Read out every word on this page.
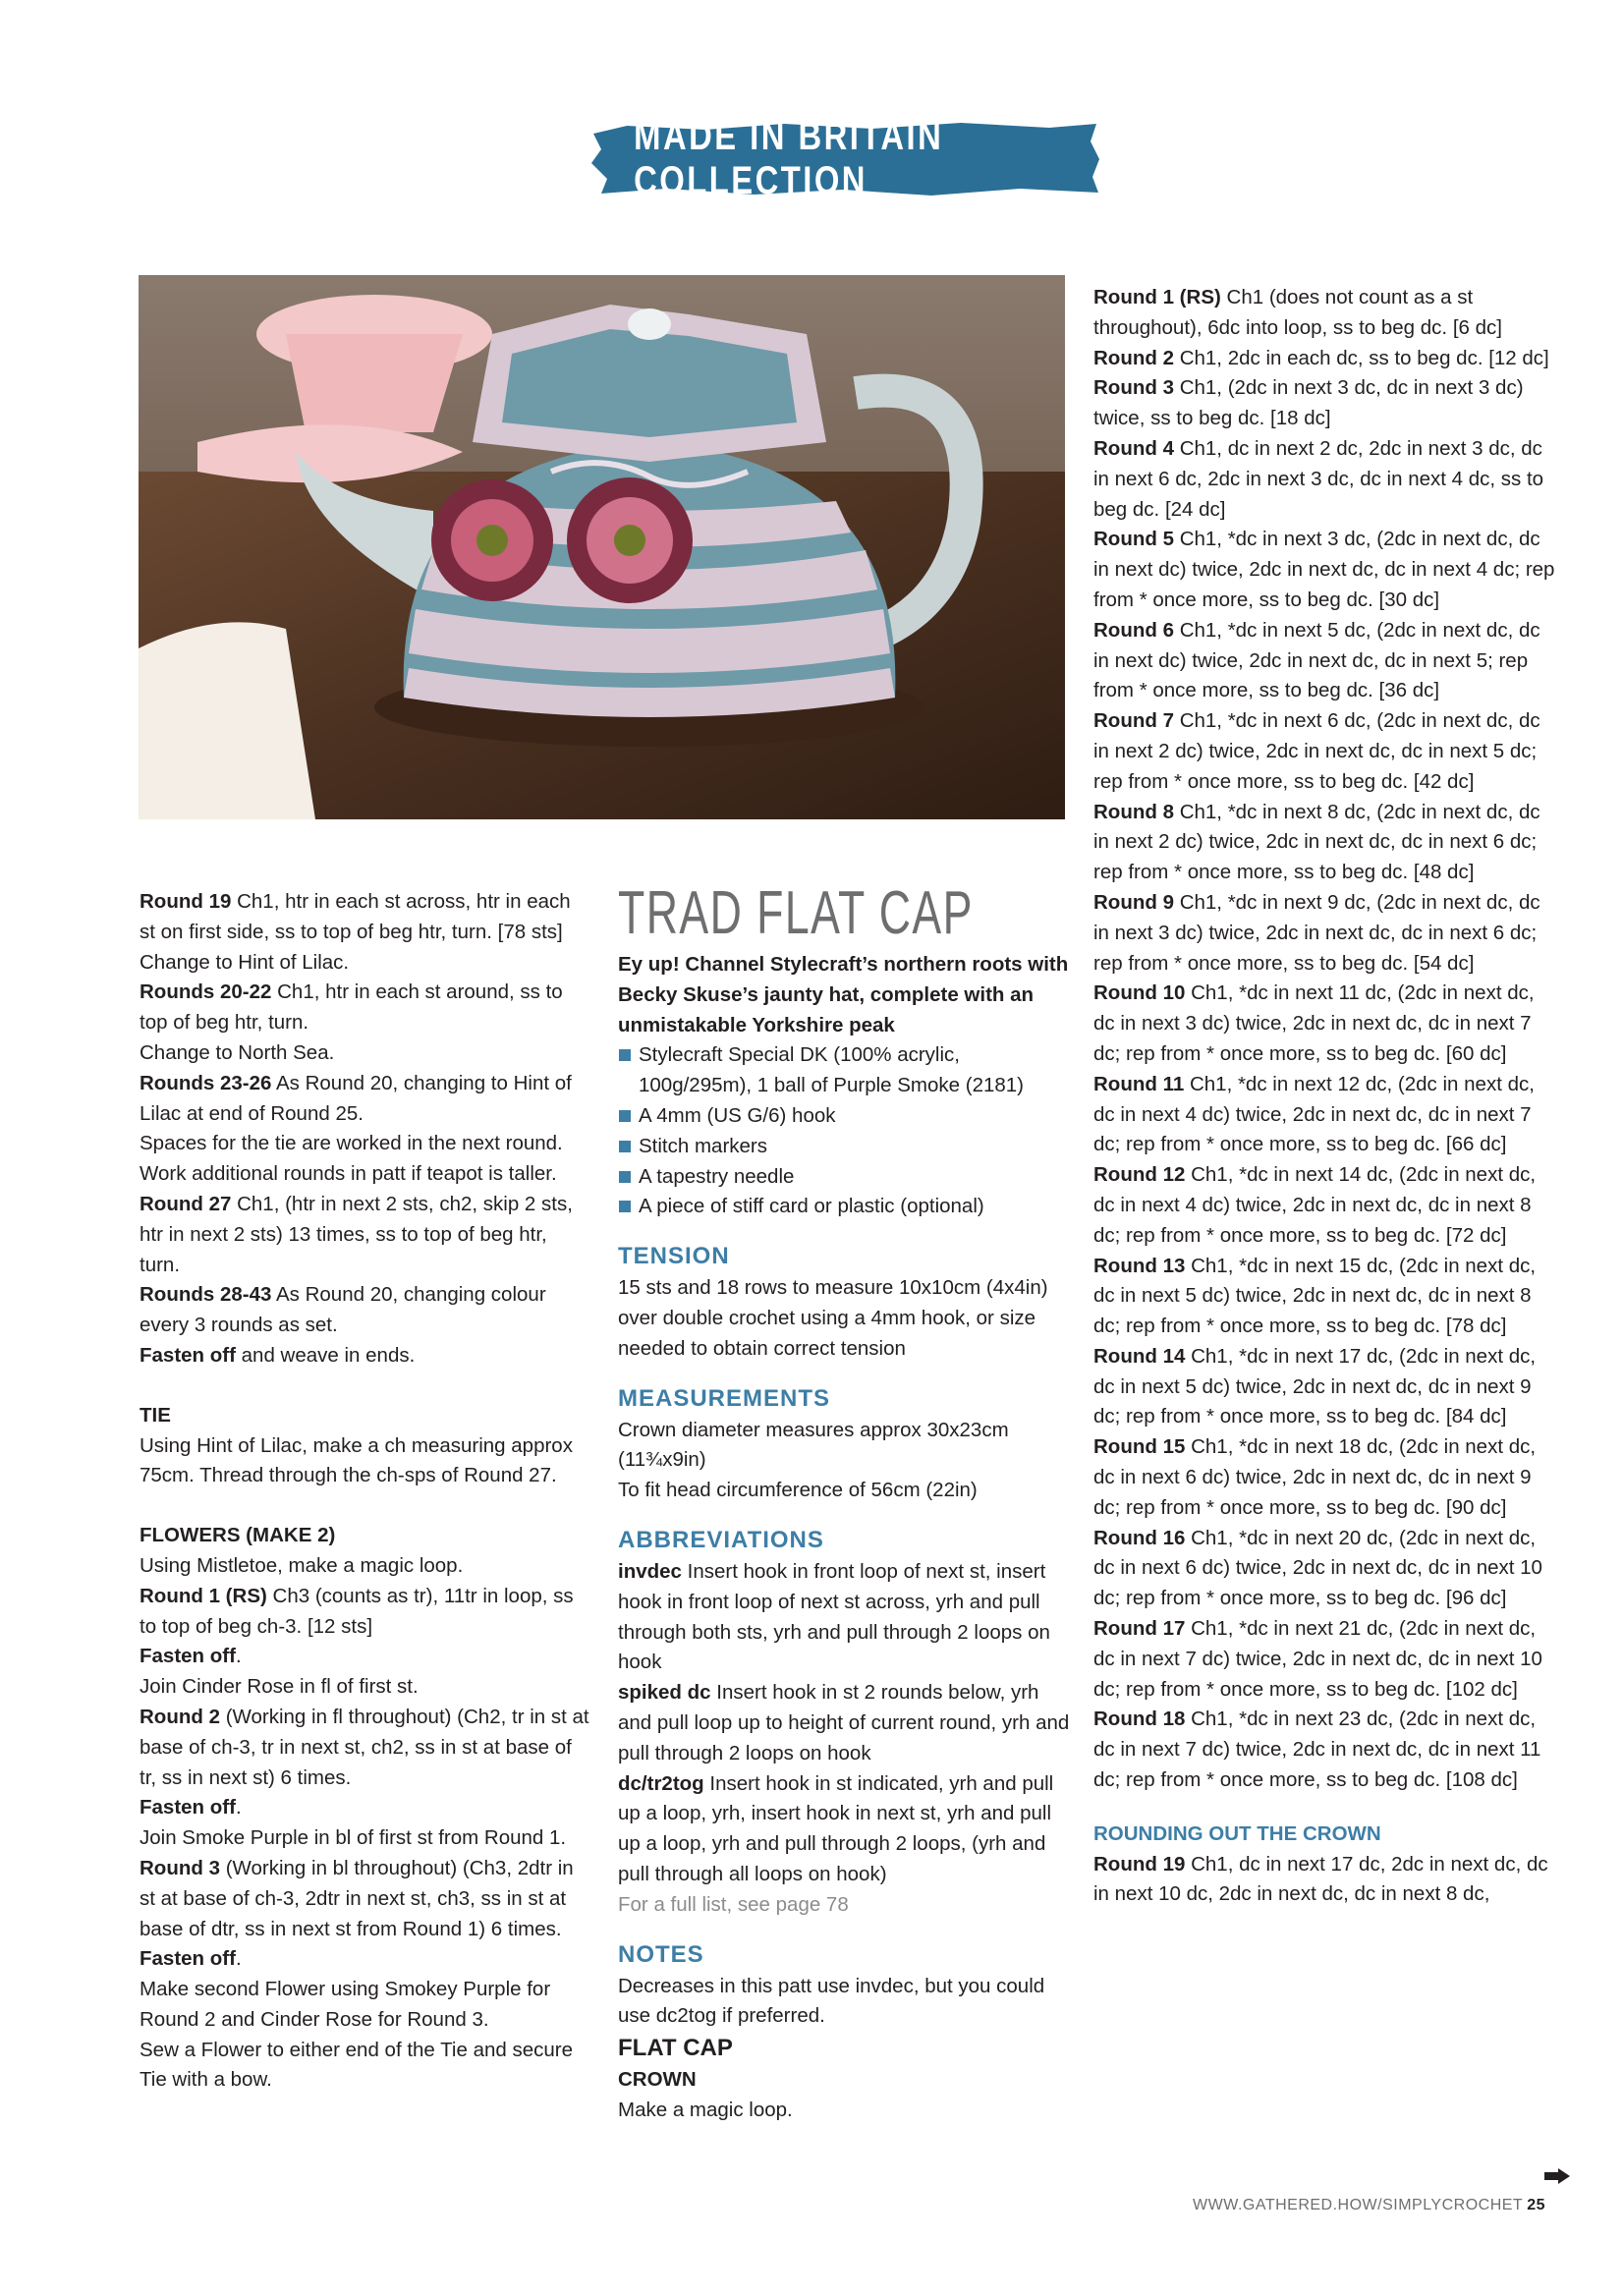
MADE IN BRITAIN COLLECTION

Round 19 Ch1, htr in each st across, htr in each st on first side, ss to top of beg htr, turn. [78 sts]

Change to Hint of Lilac.

Rounds 20-22 Ch1, htr in each st around, ss to top of beg htr, turn.

Change to North Sea.

Rounds 23-26 As Round 20, changing to Hint of Lilac at end of Round 25.

Spaces for the tie are worked in the next round. Work additional rounds in patt if teapot is taller.

Round 27 Ch1, (htr in next 2 sts, ch2, skip 2 sts, htr in next 2 sts) 13 times, ss to top of beg htr, turn.

Rounds 28-43 As Round 20, changing colour every 3 rounds as set.

Fasten off and weave in ends.

TIE

Using Hint of Lilac, make a ch measuring approx 75cm. Thread through the ch-sps of Round 27.

FLOWERS (MAKE 2)

Using Mistletoe, make a magic loop.

Round 1 (RS) Ch3 (counts as tr), 11tr in loop, ss to top of beg ch-3. [12 sts]

Fasten off.

Join Cinder Rose in fl of first st.

Round 2 (Working in fl throughout) (Ch2, tr in st at base of ch-3, tr in next st, ch2, ss in st at base of tr, ss in next st) 6 times.

Fasten off.

Join Smoke Purple in bl of first st from Round 1.

Round 3 (Working in bl throughout) (Ch3, 2dtr in st at base of ch-3, 2dtr in next st, ch3, ss in st at base of dtr, ss in next st from Round 1) 6 times.

Fasten off.

Make second Flower using Smokey Purple for Round 2 and Cinder Rose for Round 3.

Sew a Flower to either end of the Tie and secure Tie with a bow.

TRAD FLAT CAP

Ey up! Channel Stylecraft’s northern roots with Becky Skuse’s jaunty hat, complete with an unmistakable Yorkshire peak

Stylecraft Special DK (100% acrylic, 100g/295m), 1 ball of Purple Smoke (2181)

A 4mm (US G/6) hook

Stitch markers

A tapestry needle

A piece of stiff card or plastic (optional)

TENSION

15 sts and 18 rows to measure 10x10cm (4x4in) over double crochet using a 4mm hook, or size needed to obtain correct tension

MEASUREMENTS

Crown diameter measures approx 30x23cm (11¾x9in)

To fit head circumference of 56cm (22in)

ABBREVIATIONS

invdec Insert hook in front loop of next st, insert hook in front loop of next st across, yrh and pull through both sts, yrh and pull through 2 loops on hook

spiked dc Insert hook in st 2 rounds below, yrh and pull loop up to height of current round, yrh and pull through 2 loops on hook

dc/tr2tog Insert hook in st indicated, yrh and pull up a loop, yrh, insert hook in next st, yrh and pull up a loop, yrh and pull through 2 loops, (yrh and pull through all loops on hook)

For a full list, see page 78

NOTES

Decreases in this patt use invdec, but you could use dc2tog if preferred.

FLAT CAP

CROWN

Make a magic loop.

Round 1 (RS) Ch1 (does not count as a st throughout), 6dc into loop, ss to beg dc. [6 dc]

Round 2 Ch1, 2dc in each dc, ss to beg dc. [12 dc]

Round 3 Ch1, (2dc in next 3 dc, dc in next 3 dc) twice, ss to beg dc. [18 dc]

Round 4 Ch1, dc in next 2 dc, 2dc in next 3 dc, dc in next 6 dc, 2dc in next 3 dc, dc in next 4 dc, ss to beg dc. [24 dc]

Round 5 Ch1, *dc in next 3 dc, (2dc in next dc, dc in next dc) twice, 2dc in next dc, dc in next 4 dc; rep from * once more, ss to beg dc. [30 dc]

Round 6 Ch1, *dc in next 5 dc, (2dc in next dc, dc in next dc) twice, 2dc in next dc, dc in next 5; rep from * once more, ss to beg dc. [36 dc]

Round 7 Ch1, *dc in next 6 dc, (2dc in next dc, dc in next 2 dc) twice, 2dc in next dc, dc in next 5 dc; rep from * once more, ss to beg dc. [42 dc]

Round 8 Ch1, *dc in next 8 dc, (2dc in next dc, dc in next 2 dc) twice, 2dc in next dc, dc in next 6 dc; rep from * once more, ss to beg dc. [48 dc]

Round 9 Ch1, *dc in next 9 dc, (2dc in next dc, dc in next 3 dc) twice, 2dc in next dc, dc in next 6 dc; rep from * once more, ss to beg dc. [54 dc]

Round 10 Ch1, *dc in next 11 dc, (2dc in next dc, dc in next 3 dc) twice, 2dc in next dc, dc in next 7 dc; rep from * once more, ss to beg dc. [60 dc]

Round 11 Ch1, *dc in next 12 dc, (2dc in next dc, dc in next 4 dc) twice, 2dc in next dc, dc in next 7 dc; rep from * once more, ss to beg dc. [66 dc]

Round 12 Ch1, *dc in next 14 dc, (2dc in next dc, dc in next 4 dc) twice, 2dc in next dc, dc in next 8 dc; rep from * once more, ss to beg dc. [72 dc]

Round 13 Ch1, *dc in next 15 dc, (2dc in next dc, dc in next 5 dc) twice, 2dc in next dc, dc in next 8 dc; rep from * once more, ss to beg dc. [78 dc]

Round 14 Ch1, *dc in next 17 dc, (2dc in next dc, dc in next 5 dc) twice, 2dc in next dc, dc in next 9 dc; rep from * once more, ss to beg dc. [84 dc]

Round 15 Ch1, *dc in next 18 dc, (2dc in next dc, dc in next 6 dc) twice, 2dc in next dc, dc in next 9 dc; rep from * once more, ss to beg dc. [90 dc]

Round 16 Ch1, *dc in next 20 dc, (2dc in next dc, dc in next 6 dc) twice, 2dc in next dc, dc in next 10 dc; rep from * once more, ss to beg dc. [96 dc]

Round 17 Ch1, *dc in next 21 dc, (2dc in next dc, dc in next 7 dc) twice, 2dc in next dc, dc in next 10 dc; rep from * once more, ss to beg dc. [102 dc]

Round 18 Ch1, *dc in next 23 dc, (2dc in next dc, dc in next 7 dc) twice, 2dc in next dc, dc in next 11 dc; rep from * once more, ss to beg dc. [108 dc]

ROUNDING OUT THE CROWN

Round 19 Ch1, dc in next 17 dc, 2dc in next dc, dc in next 10 dc, 2dc in next dc, dc in next 8 dc,

WWW.GATHERED.HOW/SIMPLYCROCHET 25
